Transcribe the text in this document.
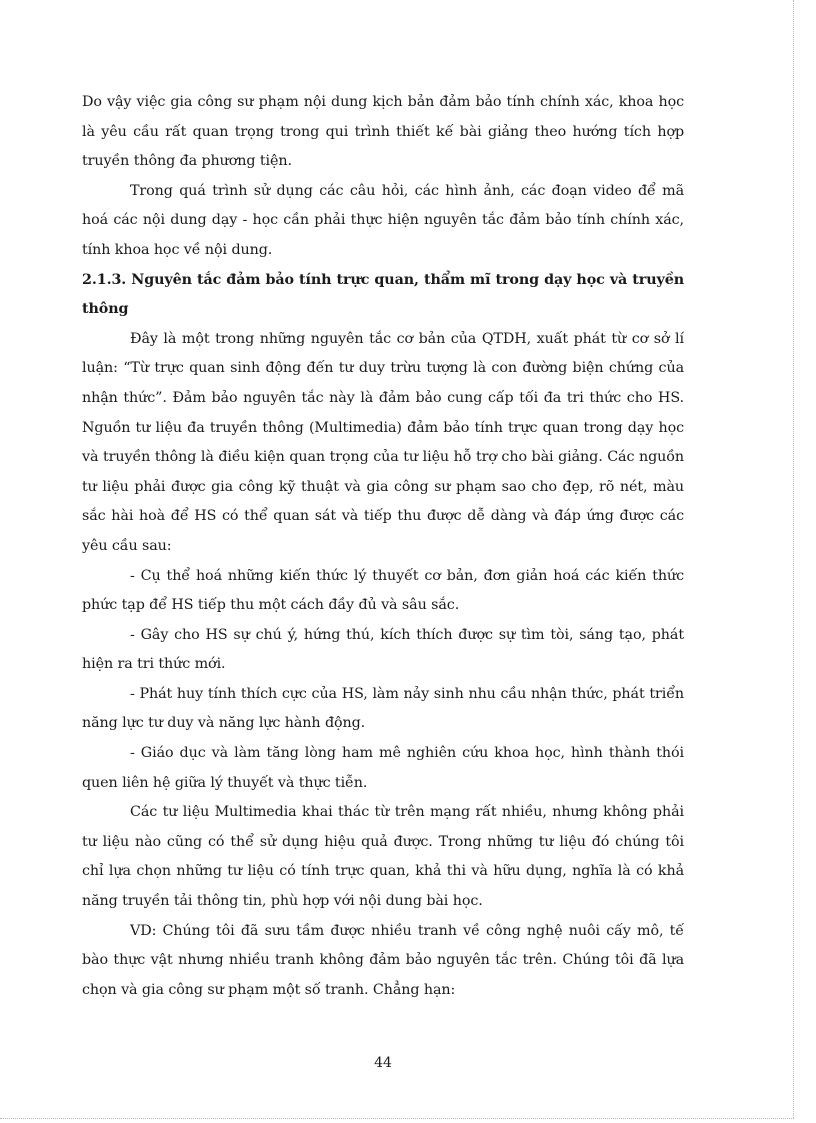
Do vậy việc gia công sư phạm nội dung kịch bản đảm bảo tính chính xác, khoa học là yêu cầu rất quan trọng trong qui trình thiết kế bài giảng theo hướng tích hợp truyền thông đa phương tiện.

Trong quá trình sử dụng các câu hỏi, các hình ảnh, các đoạn video để mã hoá các nội dung dạy - học cần phải thực hiện nguyên tắc đảm bảo tính chính xác, tính khoa học về nội dung.

2.1.3. Nguyên tắc đảm bảo tính trực quan, thẩm mĩ trong dạy học và truyền thông

Đây là một trong những nguyên tắc cơ bản của QTDH, xuất phát từ cơ sở lí luận: “Từ trực quan sinh động đến tư duy trừu tượng là con đường biện chứng của nhận thức”. Đảm bảo nguyên tắc này là đảm bảo cung cấp tối đa tri thức cho HS. Nguồn tư liệu đa truyền thông (Multimedia) đảm bảo tính trực quan trong dạy học và truyền thông là điều kiện quan trọng của tư liệu hỗ trợ cho bài giảng. Các nguồn tư liệu phải được gia công kỹ thuật và gia công sư phạm sao cho đẹp, rõ nét, màu sắc hài hoà để HS có thể quan sát và tiếp thu được dễ dàng và đáp ứng được các yêu cầu sau:

- Cụ thể hoá những kiến thức lý thuyết cơ bản, đơn giản hoá các kiến thức phức tạp để HS tiếp thu một cách đầy đủ và sâu sắc.

- Gây cho HS sự chú ý, hứng thú, kích thích được sự tìm tòi, sáng tạo, phát hiện ra tri thức mới.

- Phát huy tính thích cực của HS, làm nảy sinh nhu cầu nhận thức, phát triển năng lực tư duy và năng lực hành động.

- Giáo dục và làm tăng lòng ham mê nghiên cứu khoa học, hình thành thói quen liên hệ giữa lý thuyết và thực tiễn.

Các tư liệu Multimedia khai thác từ trên mạng rất nhiều, nhưng không phải tư liệu nào cũng có thể sử dụng hiệu quả được. Trong những tư liệu đó chúng tôi chỉ lựa chọn những tư liệu có tính trực quan, khả thi và hữu dụng, nghĩa là có khả năng truyền tải thông tin, phù hợp với nội dung bài học.

VD: Chúng tôi đã sưu tầm được nhiều tranh về công nghệ nuôi cấy mô, tế bào thực vật nhưng nhiều tranh không đảm bảo nguyên tắc trên. Chúng tôi đã lựa chọn và gia công sư phạm một số tranh. Chẳng hạn:

44
